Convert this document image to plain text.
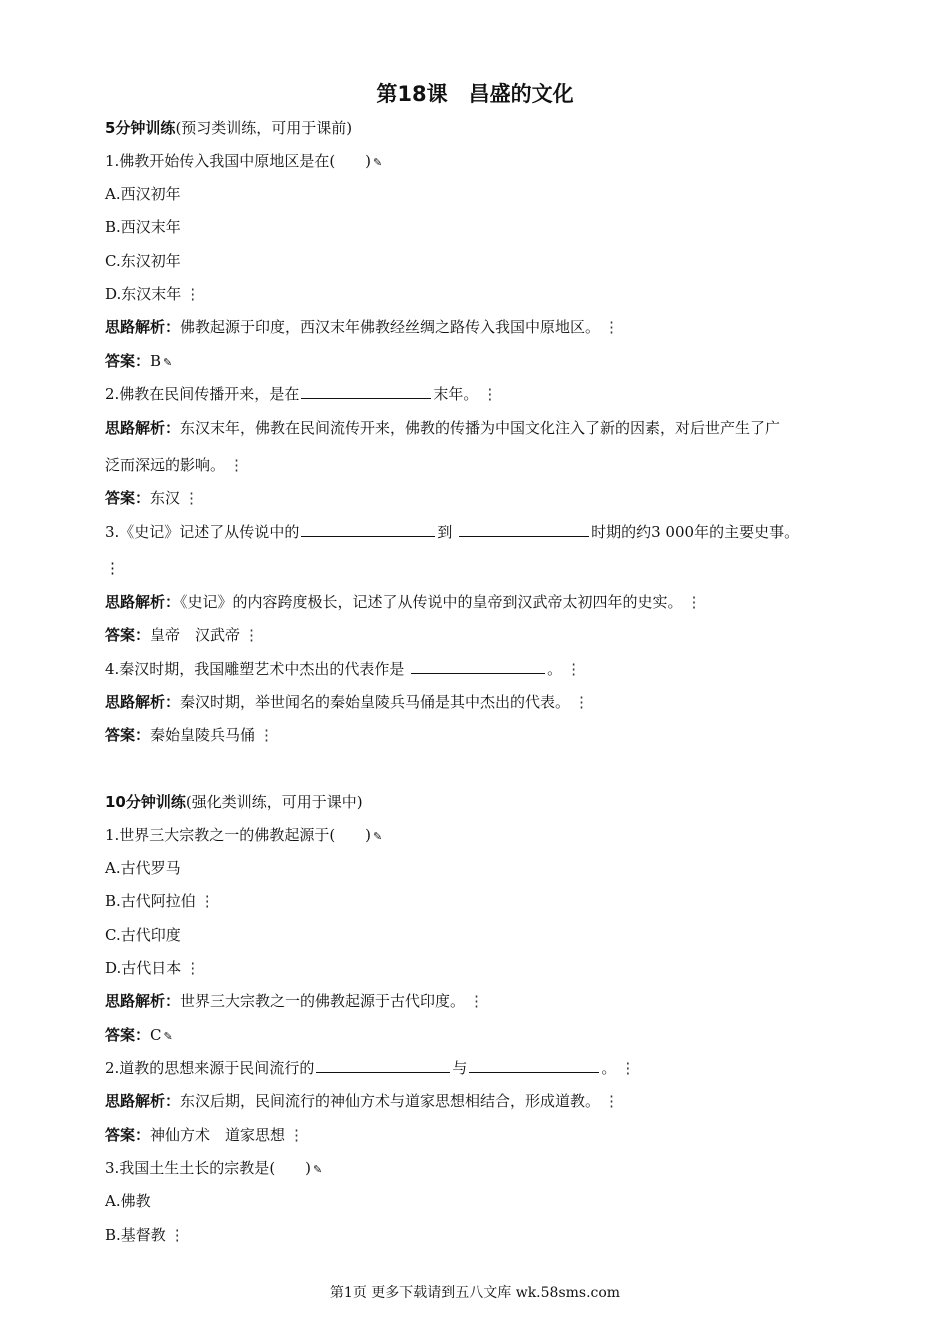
第18课　昌盛的文化
5分钟训练(预习类训练，可用于课前)
1.佛教开始传入我国中原地区是在(　　) ✎
A.西汉初年
B.西汉末年
C.东汉初年
D.东汉末年 ⋮
思路解析：佛教起源于印度，西汉末年佛教经丝绸之路传入我国中原地区。 ⋮
答案：B ✎
2.佛教在民间传播开来，是在	末年。 ⋮
思路解析：东汉末年，佛教在民间流传开来，佛教的传播为中国文化注入了新的因素，对后世产生了广
泛而深远的影响。 ⋮
答案：东汉 ⋮
3.《史记》记述了从传说中的	到	时期的约3 000年的主要史事。
⋮
思路解析：《史记》的内容跨度极长，记述了从传说中的皇帝到汉武帝太初四年的史实。 ⋮
答案：皇帝　汉武帝 ⋮
4.秦汉时期，我国雕塑艺术中杰出的代表作是	。 ⋮
思路解析：秦汉时期，举世闻名的秦始皇陵兵马俑是其中杰出的代表。 ⋮
答案：秦始皇陵兵马俑 ⋮
10分钟训练(强化类训练，可用于课中)
1.世界三大宗教之一的佛教起源于(　　) ✎
A.古代罗马
B.古代阿拉伯 ⋮
C.古代印度
D.古代日本 ⋮
思路解析：世界三大宗教之一的佛教起源于古代印度。 ⋮
答案：C ✎
2.道教的思想来源于民间流行的	与	。 ⋮
思路解析：东汉后期，民间流行的神仙方术与道家思想相结合，形成道教。 ⋮
答案：神仙方术　道家思想 ⋮
3.我国土生土长的宗教是(　　) ✎
A.佛教
B.基督教 ⋮
第1页 更多下载请到五八文库 wk.58sms.com
